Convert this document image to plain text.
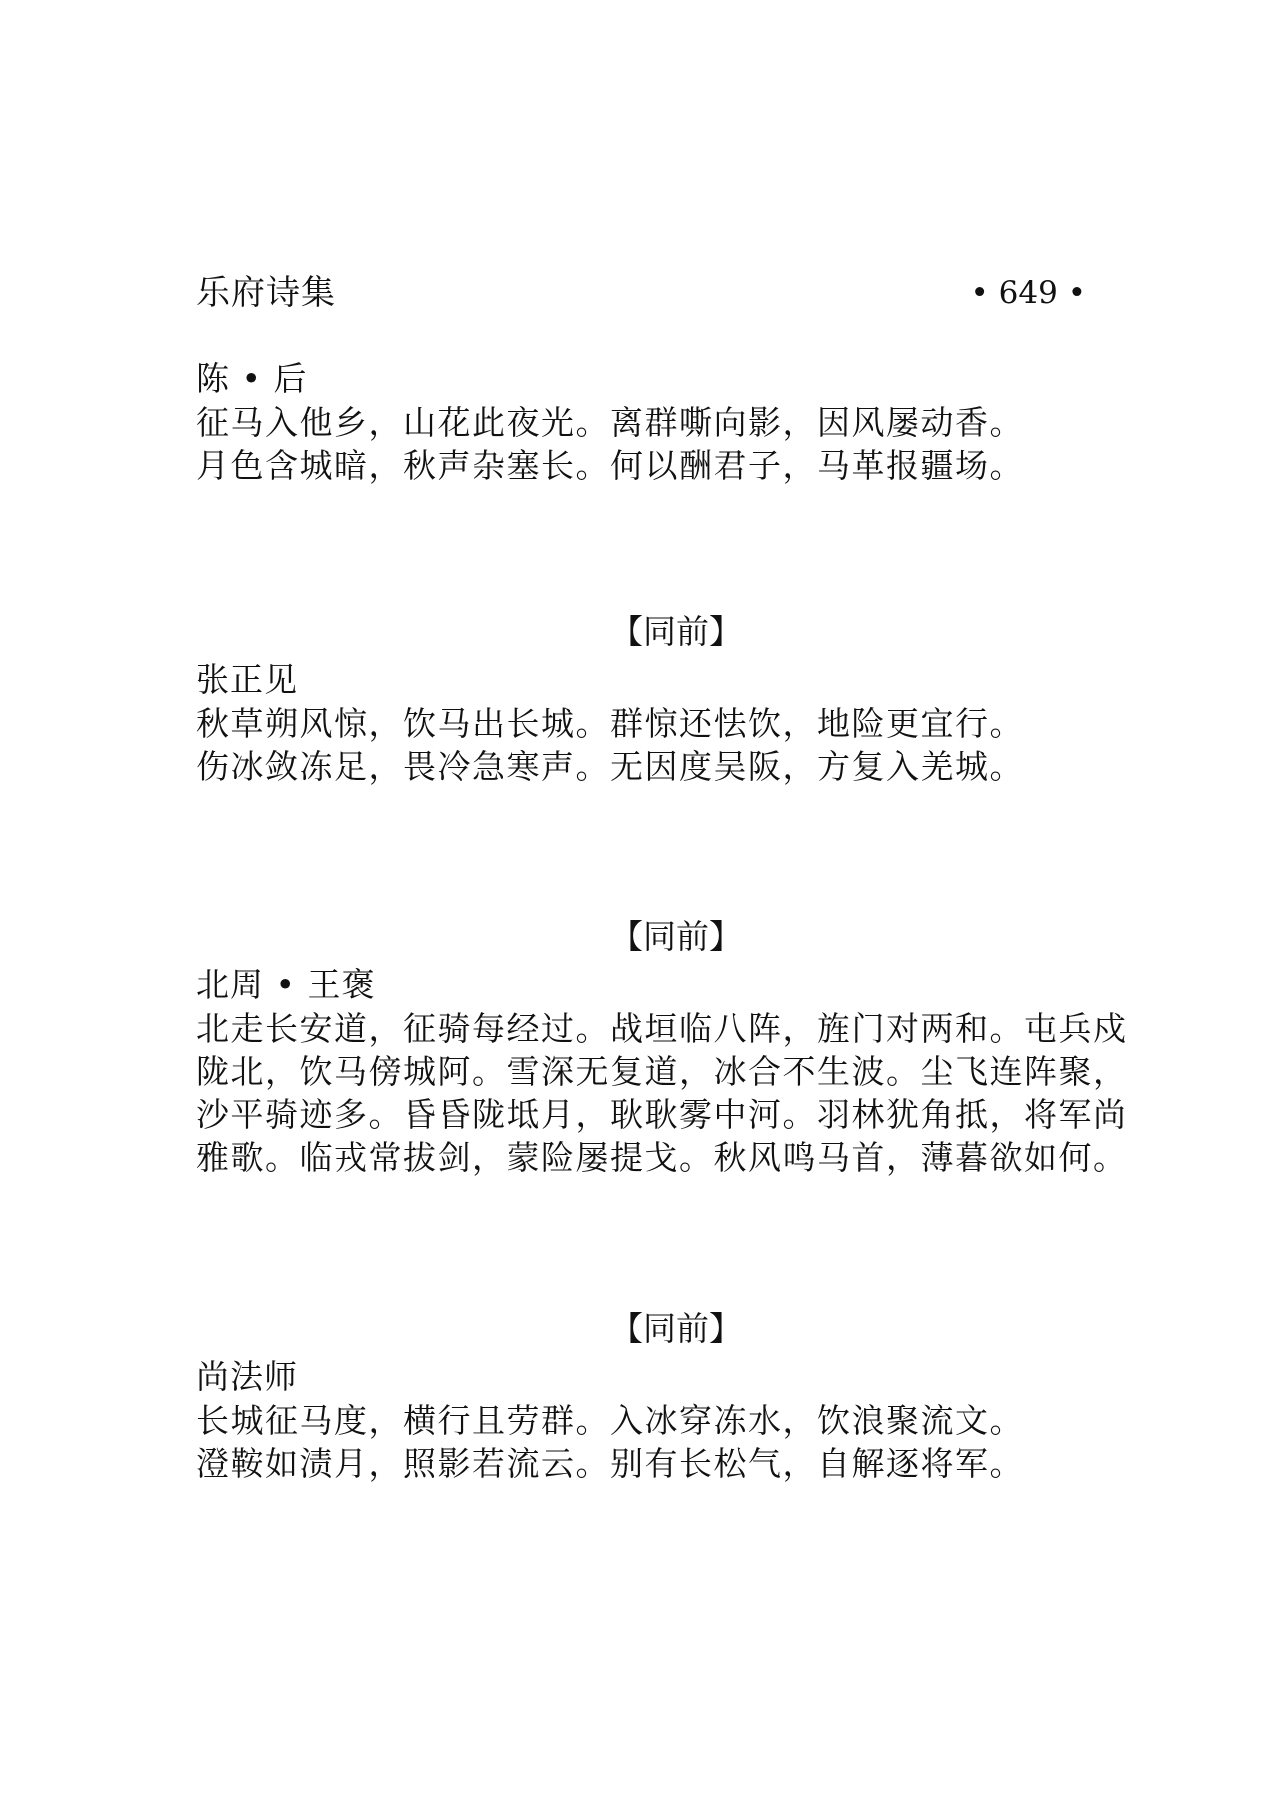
乐府诗集	• 649 •
陈 • 后
征马入他乡，山花此夜光。离群嘶向影，因风屡动香。
月色含城暗，秋声杂塞长。何以酬君子，马革报疆场。
【同前】
张正见
秋草朔风惊，饮马出长城。群惊还怯饮，地险更宜行。
伤冰敛冻足，畏冷急寒声。无因度吴阪，方复入羌城。
【同前】
北周 • 王褒
北走长安道，征骑每经过。战垣临八阵，旌门对两和。屯兵戍
陇北，饮马傍城阿。雪深无复道，冰合不生波。尘飞连阵聚，
沙平骑迹多。昏昏陇坻月，耿耿雾中河。羽林犹角抵，将军尚
雅歌。临戎常拔剑，蒙险屡提戈。秋风鸣马首，薄暮欲如何。
【同前】
尚法师
长城征马度，横行且劳群。入冰穿冻水，饮浪聚流文。
澄鞍如渍月，照影若流云。别有长松气，自解逐将军。
